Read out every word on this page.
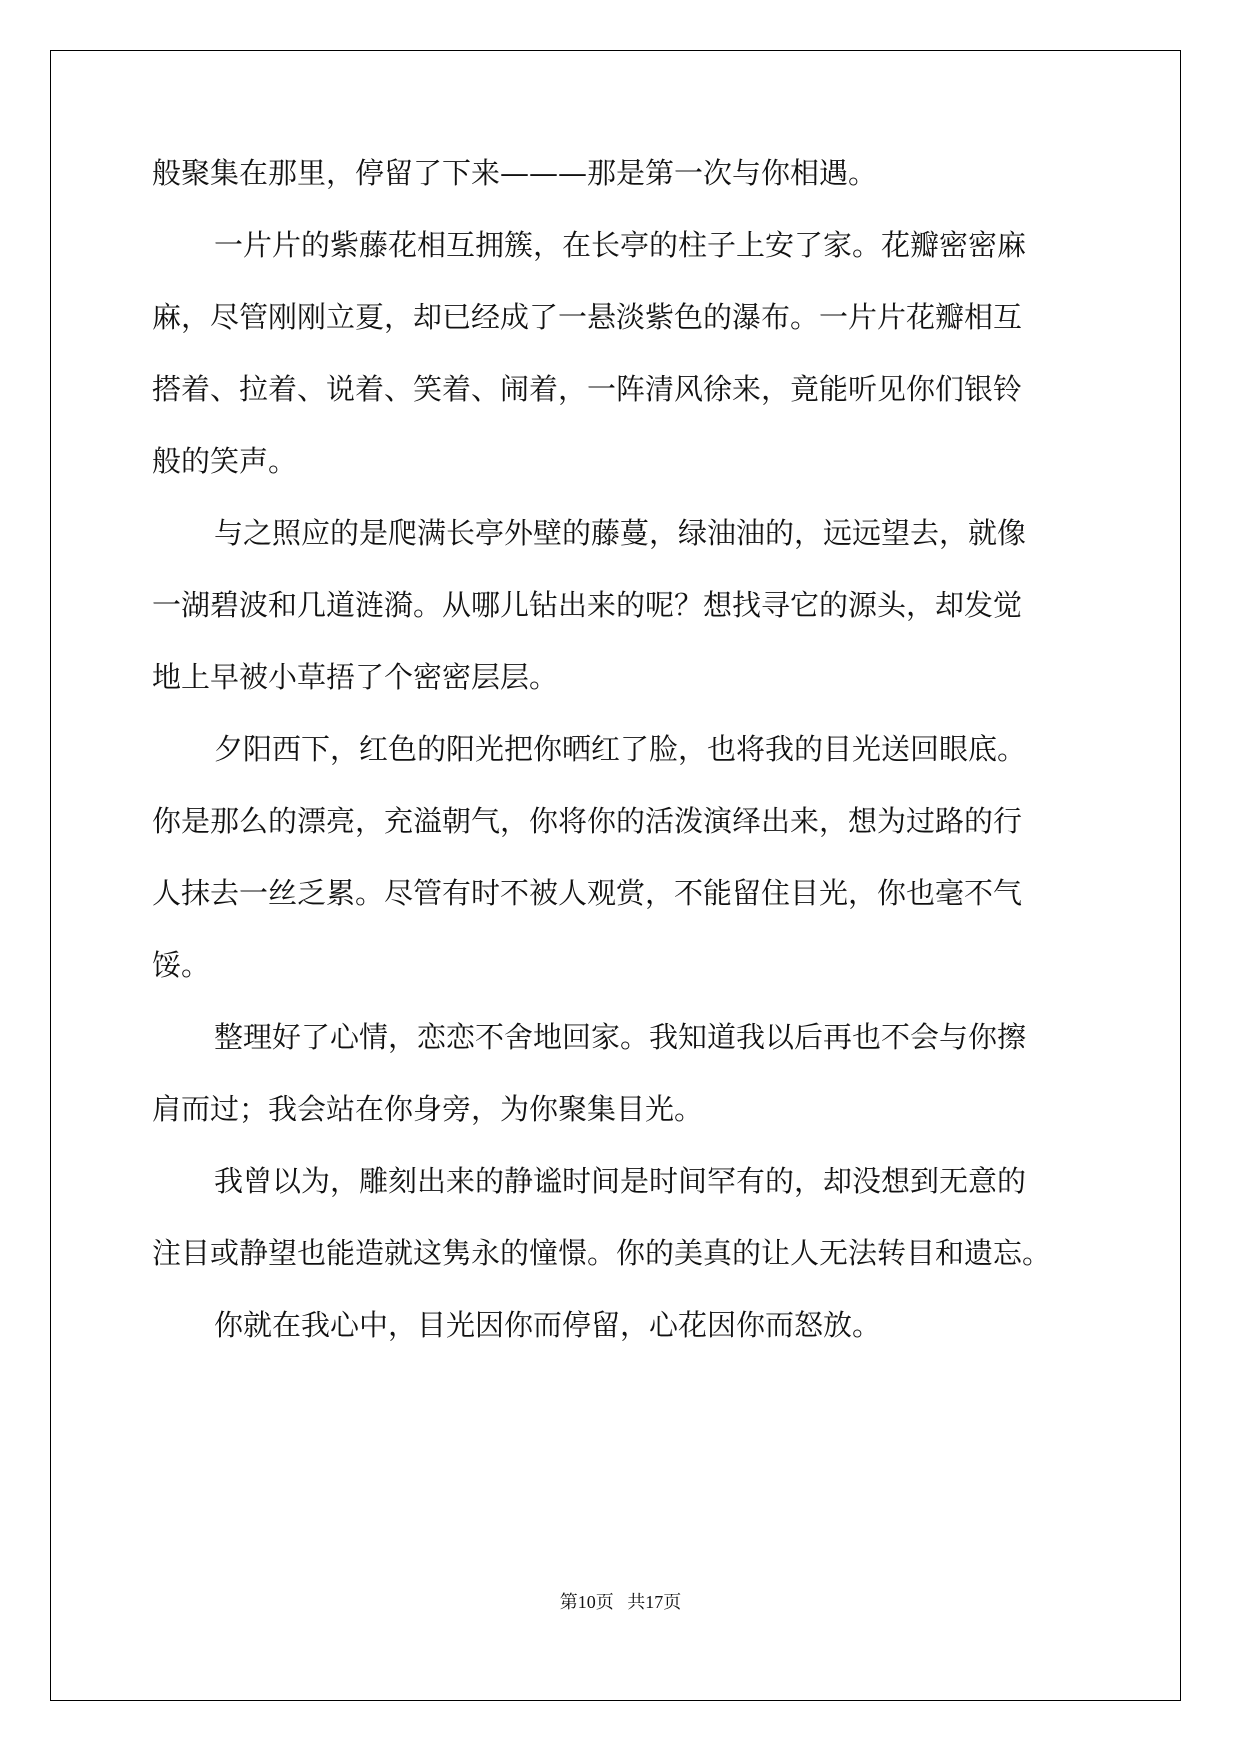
般聚集在那里，停留了下来———那是第一次与你相遇。

一片片的紫藤花相互拥簇，在长亭的柱子上安了家。花瓣密密麻

麻，尽管刚刚立夏，却已经成了一悬淡紫色的瀑布。一片片花瓣相互

搭着、拉着、说着、笑着、闹着，一阵清风徐来，竟能听见你们银铃

般的笑声。

与之照应的是爬满长亭外壁的藤蔓，绿油油的，远远望去，就像

一湖碧波和几道涟漪。从哪儿钻出来的呢？想找寻它的源头，却发觉

地上早被小草捂了个密密层层。

夕阳西下，红色的阳光把你晒红了脸，也将我的目光送回眼底。

你是那么的漂亮，充溢朝气，你将你的活泼演绎出来，想为过路的行

人抹去一丝乏累。尽管有时不被人观赏，不能留住目光，你也毫不气

馁。

整理好了心情，恋恋不舍地回家。我知道我以后再也不会与你擦

肩而过；我会站在你身旁，为你聚集目光。

我曾以为，雕刻出来的静谧时间是时间罕有的，却没想到无意的

注目或静望也能造就这隽永的憧憬。你的美真的让人无法转目和遗忘。

你就在我心中，目光因你而停留，心花因你而怒放。

第10页   共17页
